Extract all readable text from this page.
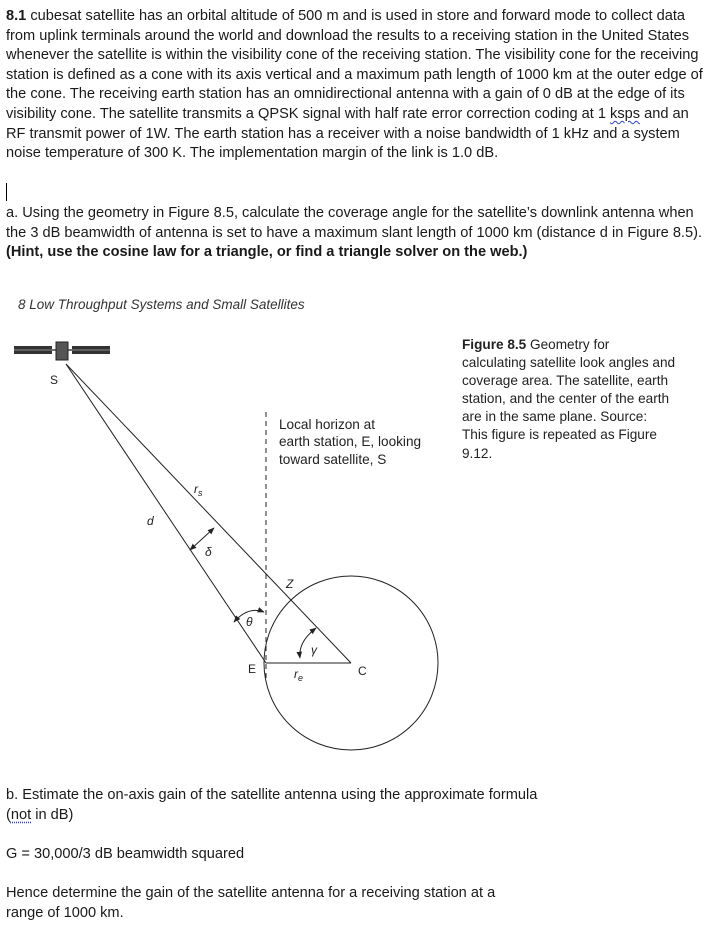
8.1 cubesat satellite has an orbital altitude of 500 m and is used in store and forward mode to collect data from uplink terminals around the world and download the results to a receiving station in the United States whenever the satellite is within the visibility cone of the receiving station. The visibility cone for the receiving station is defined as a cone with its axis vertical and a maximum path length of 1000 km at the outer edge of the cone. The receiving earth station has an omnidirectional antenna with a gain of 0 dB at the edge of its visibility cone. The satellite transmits a QPSK signal with half rate error correction coding at 1 ksps and an RF transmit power of 1W. The earth station has a receiver with a noise bandwidth of 1 kHz and a system noise temperature of 300 K. The implementation margin of the link is 1.0 dB.
a. Using the geometry in Figure 8.5, calculate the coverage angle for the satellite’s downlink antenna when the 3 dB beamwidth of antenna is set to have a maximum slant length of 1000 km (distance d in Figure 8.5). (Hint, use the cosine law for a triangle, or find a triangle solver on the web.)
8 Low Throughput Systems and Small Satellites
Figure 8.5 Geometry for calculating satellite look angles and coverage area. The satellite, earth station, and the center of the earth are in the same plane. Source: This figure is repeated as Figure 9.12.
S
E	C
Z
d
$r_s$
$r_e$
δ
θ
γ
Local horizon at
earth station, E, looking
toward satellite, S
b. Estimate the on-axis gain of the satellite antenna using the approximate formula
(not in dB)
G = 30,000/3 dB beamwidth squared
Hence determine the gain of the satellite antenna for a receiving station at a range of 1000 km.
